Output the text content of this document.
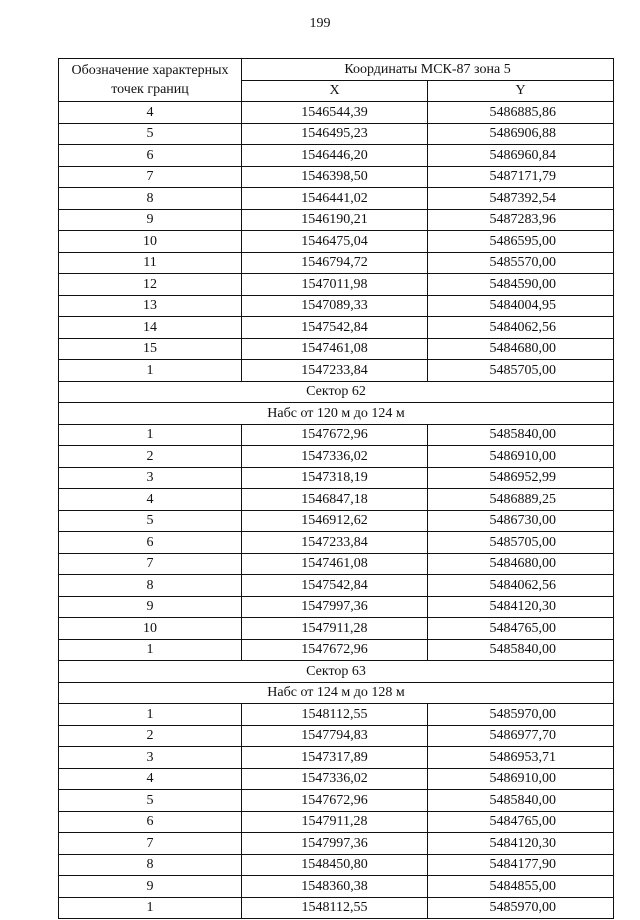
199
Обозначение характерных точек границ	Координаты МСК-87 зона 5	
	X	Y
4	1546544,39	5486885,86
5	1546495,23	5486906,88
6	1546446,20	5486960,84
7	1546398,50	5487171,79
8	1546441,02	5487392,54
9	1546190,21	5487283,96
10	1546475,04	5486595,00
11	1546794,72	5485570,00
12	1547011,98	5484590,00
13	1547089,33	5484004,95
14	1547542,84	5484062,56
15	1547461,08	5484680,00
1	1547233,84	5485705,00
Сектор 62		
Набс от 120 м до 124 м		
1	1547672,96	5485840,00
2	1547336,02	5486910,00
3	1547318,19	5486952,99
4	1546847,18	5486889,25
5	1546912,62	5486730,00
6	1547233,84	5485705,00
7	1547461,08	5484680,00
8	1547542,84	5484062,56
9	1547997,36	5484120,30
10	1547911,28	5484765,00
1	1547672,96	5485840,00
Сектор 63		
Набс от 124 м до 128 м		
1	1548112,55	5485970,00
2	1547794,83	5486977,70
3	1547317,89	5486953,71
4	1547336,02	5486910,00
5	1547672,96	5485840,00
6	1547911,28	5484765,00
7	1547997,36	5484120,30
8	1548450,80	5484177,90
9	1548360,38	5484855,00
1	1548112,55	5485970,00
